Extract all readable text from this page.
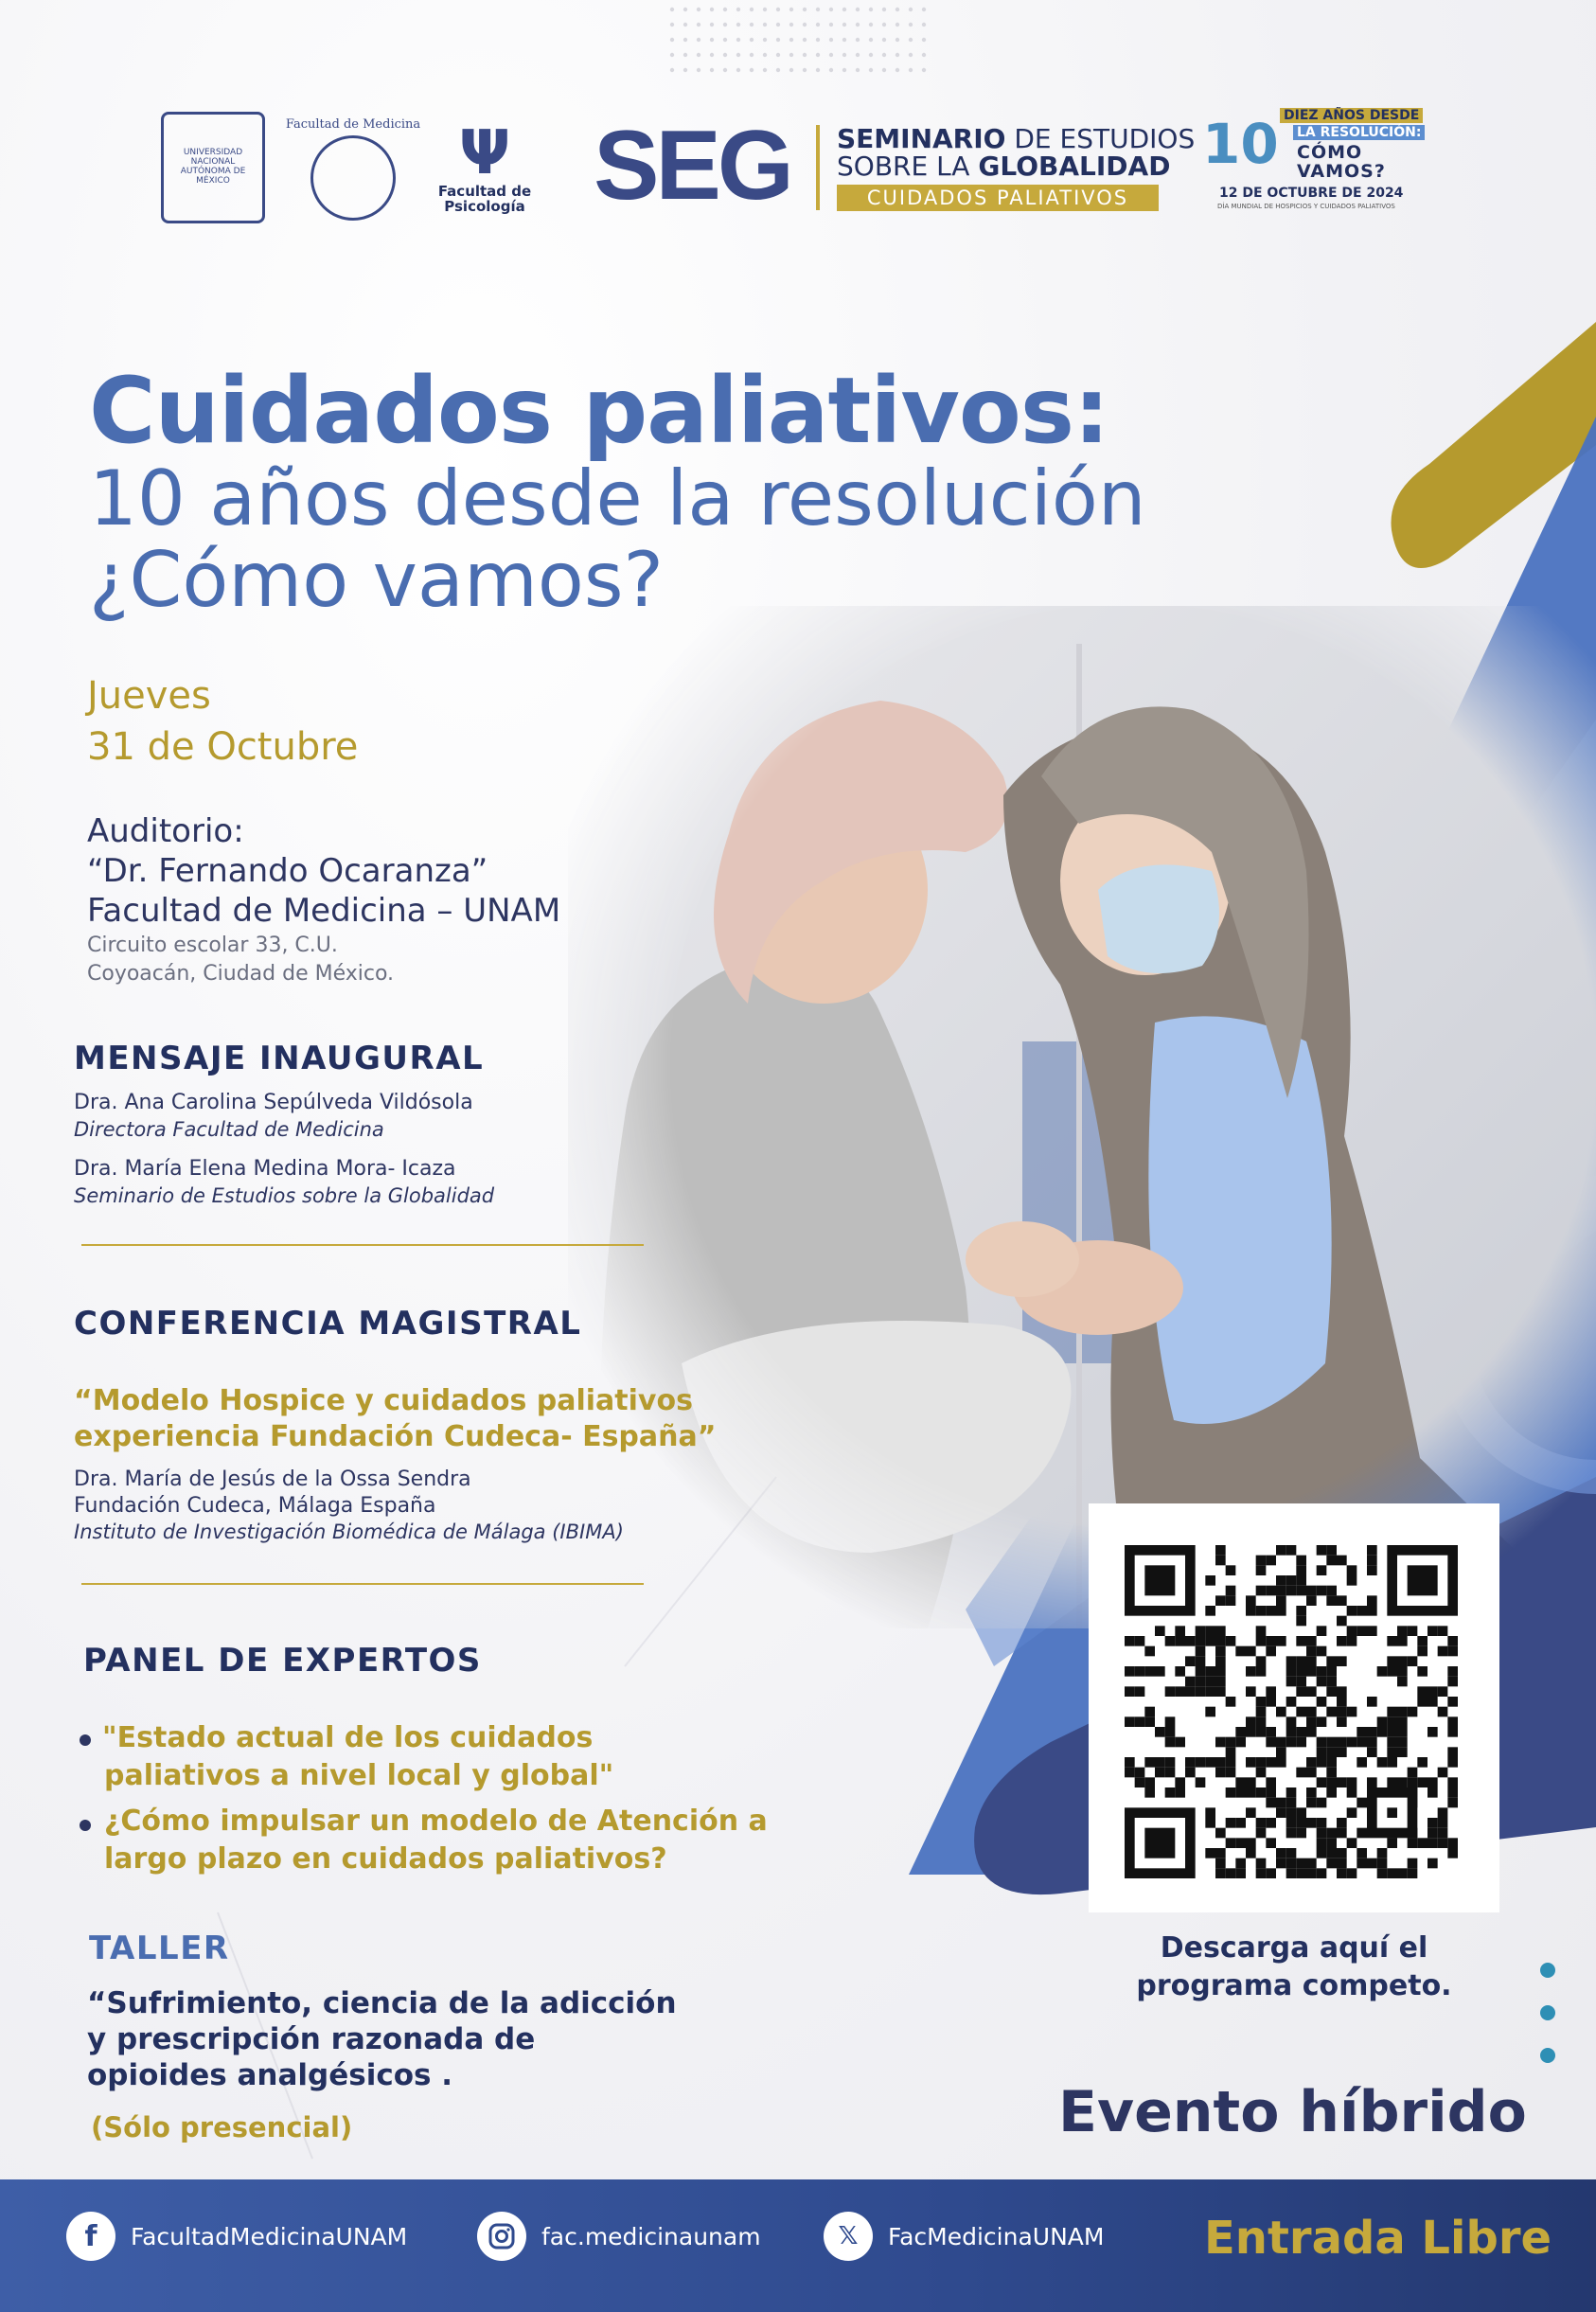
UNIVERSIDAD NACIONAL AUTÓNOMA DE MÉXICO
Facultad de Medicina Ψ
Facultad de Psicología SEG SEMINARIO DE ESTUDIOS
SOBRE LA GLOBALIDAD
CUIDADOS PALIATIVOS
10 DIEZ AÑOS DESDE
LA RESOLUCIÓN:
CÓMO
VAMOS?
12 DE OCTUBRE DE 2024
DÍA MUNDIAL DE HOSPICIOS Y CUIDADOS PALIATIVOS
Cuidados paliativos:
10 años desde la resolución
¿Cómo vamos?
Jueves
31 de Octubre
Auditorio:
“Dr. Fernando Ocaranza”
Facultad de Medicina – UNAM
Circuito escolar 33, C.U.
Coyoacán, Ciudad de México.
MENSAJE INAUGURAL
Dra. Ana Carolina Sepúlveda Vildósola
Directora Facultad de Medicina
Dra. María Elena Medina Mora- Icaza
Seminario de Estudios sobre la Globalidad
CONFERENCIA MAGISTRAL
“Modelo Hospice y cuidados paliativos
experiencia Fundación Cudeca- España”
Dra. María de Jesús de la Ossa Sendra
Fundación Cudeca, Málaga España
Instituto de Investigación Biomédica de Málaga (IBIMA)
PANEL DE EXPERTOS
"Estado actual de los cuidados
paliativos a nivel local y global"
¿Cómo impulsar un modelo de Atención a
largo plazo en cuidados paliativos?
TALLER
“Sufrimiento, ciencia de la adicción
y prescripción razonada de
opioides analgésicos .
(Sólo presencial)
Descarga aquí el
programa competo.
Evento híbrido
f	FacultadMedicinaUNAM	fac.medicinaunam	𝕏	FacMedicinaUNAM Entrada Libre
